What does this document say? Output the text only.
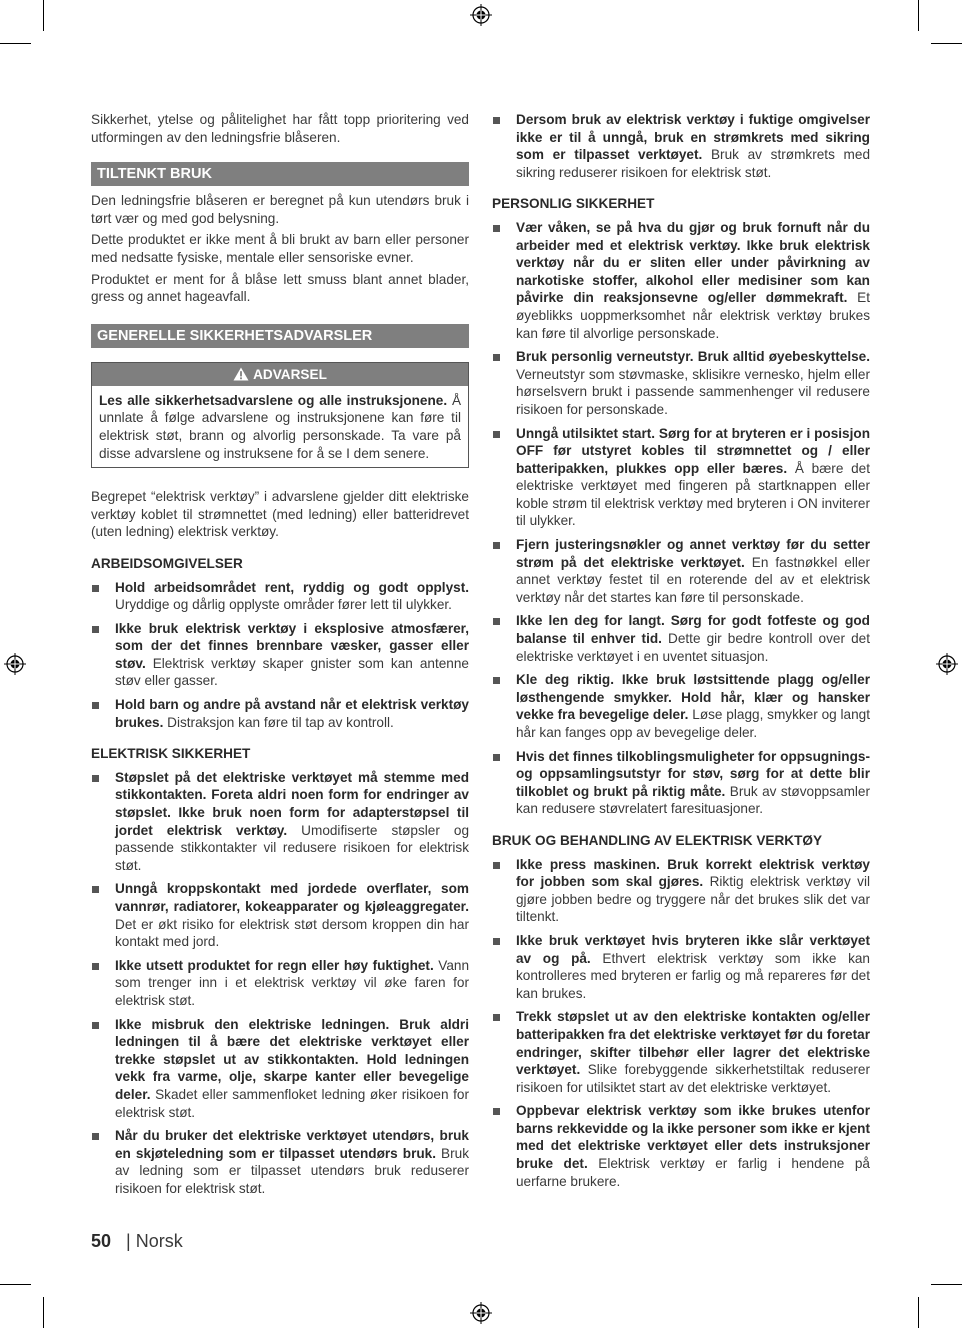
Sikkerhet, ytelse og pålitelighet har fått topp prioritering ved utformingen av den ledningsfrie blåseren.

TILTENKT BRUK

Den ledningsfrie blåseren er beregnet på kun utendørs bruk i tørt vær og med god belysning.

Dette produktet er ikke ment å bli brukt av barn eller personer med nedsatte fysiske, mentale eller sensoriske evner.

Produktet er ment for å blåse lett smuss blant annet blader, gress og annet hageavfall.

GENERELLE SIKKERHETSADVARSLER
ADVARSEL
Les alle sikkerhetsadvarslene og alle instruksjonene. Å unnlate å følge advarslene og instruksjonene kan føre til elektrisk støt, brann og alvorlig personskade. Ta vare på disse advarslene og instruksene for å se I dem senere.

Begrepet “elektrisk verktøy” i advarslene gjelder ditt elektriske verktøy koblet til strømnettet (med ledning) eller batteridrevet (uten ledning) elektrisk verktøy.

ARBEIDSOMGIVELSER
Hold arbeidsområdet rent, ryddig og godt opplyst. Uryddige og dårlig opplyste områder fører lett til ulykker.
Ikke bruk elektrisk verktøy i eksplosive atmosfærer, som der det finnes brennbare væsker, gasser eller støv. Elektrisk verktøy skaper gnister som kan antenne støv eller gasser.
Hold barn og andre på avstand når et elektrisk verktøy brukes. Distraksjon kan føre til tap av kontroll.
ELEKTRISK SIKKERHET
Støpslet på det elektriske verktøyet må stemme med stikkontakten. Foreta aldri noen form for endringer av støpslet. Ikke bruk noen form for adapterstøpsel til jordet elektrisk verktøy. Umodifiserte støpsler og passende stikkontakter vil redusere risikoen for elektrisk støt.
Unngå kroppskontakt med jordede overflater, som vannrør, radiatorer, kokeapparater og kjøleaggregater. Det er økt risiko for elektrisk støt dersom kroppen din har kontakt med jord.
Ikke utsett produktet for regn eller høy fuktighet. Vann som trenger inn i et elektrisk verktøy vil øke faren for elektrisk støt.
Ikke misbruk den elektriske ledningen. Bruk aldri ledningen til å bære det elektriske verktøyet eller trekke støpslet ut av stikkontakten. Hold ledningen vekk fra varme, olje, skarpe kanter eller bevegelige deler. Skadet eller sammenfloket ledning øker risikoen for elektrisk støt.
Når du bruker det elektriske verktøyet utendørs, bruk en skjøteledning som er tilpasset utendørs bruk. Bruk av ledning som er tilpasset utendørs bruk reduserer risikoen for elektrisk støt.
Dersom bruk av elektrisk verktøy i fuktige omgivelser ikke er til å unngå, bruk en strømkrets med sikring som er tilpasset verktøyet. Bruk av strømkrets med sikring reduserer risikoen for elektrisk støt.
PERSONLIG SIKKERHET
Vær våken, se på hva du gjør og bruk fornuft når du arbeider med et elektrisk verktøy. Ikke bruk elektrisk verktøy når du er sliten eller under påvirkning av narkotiske stoffer, alkohol eller medisiner som kan påvirke din reaksjonsevne og/eller dømmekraft. Et øyeblikks uoppmerksomhet når elektrisk verktøy brukes kan føre til alvorlige personskade.
Bruk personlig verneutstyr. Bruk alltid øyebeskyttelse. Verneutstyr som støvmaske, sklisikre vernesko, hjelm eller hørselsvern brukt i passende sammenhenger vil redusere risikoen for personskade.
Unngå utilsiktet start. Sørg for at bryteren er i posisjon OFF før utstyret kobles til strømnettet og / eller batteripakken, plukkes opp eller bæres. Å bære det elektriske verktøyet med fingeren på startknappen eller koble strøm til elektrisk verktøy med bryteren i ON inviterer til ulykker.
Fjern justeringsnøkler og annet verktøy før du setter strøm på det elektriske verktøyet. En fastnøkkel eller annet verktøy festet til en roterende del av et elektrisk verktøy når det startes kan føre til personskade.
Ikke len deg for langt. Sørg for godt fotfeste og god balanse til enhver tid. Dette gir bedre kontroll over det elektriske verktøyet i en uventet situasjon.
Kle deg riktig. Ikke bruk løstsittende plagg og/eller løsthengende smykker. Hold hår, klær og hansker vekke fra bevegelige deler. Løse plagg, smykker og langt hår kan fanges opp av bevegelige deler.
Hvis det finnes tilkoblingsmuligheter for oppsugnings- og oppsamlingsutstyr for støv, sørg for at dette blir tilkoblet og brukt på riktig måte. Bruk av støvoppsamler kan redusere støvrelatert faresituasjoner.
BRUK OG BEHANDLING AV ELEKTRISK VERKTØY
Ikke press maskinen. Bruk korrekt elektrisk verktøy for jobben som skal gjøres. Riktig elektrisk verktøy vil gjøre jobben bedre og tryggere når det brukes slik det var tiltenkt.
Ikke bruk verktøyet hvis bryteren ikke slår verktøyet av og på. Ethvert elektrisk verktøy som ikke kan kontrolleres med bryteren er farlig og må repareres før det kan brukes.
Trekk støpslet ut av den elektriske kontakten og/eller batteripakken fra det elektriske verktøyet før du foretar endringer, skifter tilbehør eller lagrer det elektriske verktøyet. Slike forebyggende sikkerhetstiltak reduserer risikoen for utilsiktet start av det elektriske verktøyet.
Oppbevar elektrisk verktøy som ikke brukes utenfor barns rekkevidde og la ikke personer som ikke er kjent med det elektriske verktøyet eller dets instruksjoner bruke det. Elektrisk verktøy er farlig i hendene på uerfarne brukere.
50 | Norsk
